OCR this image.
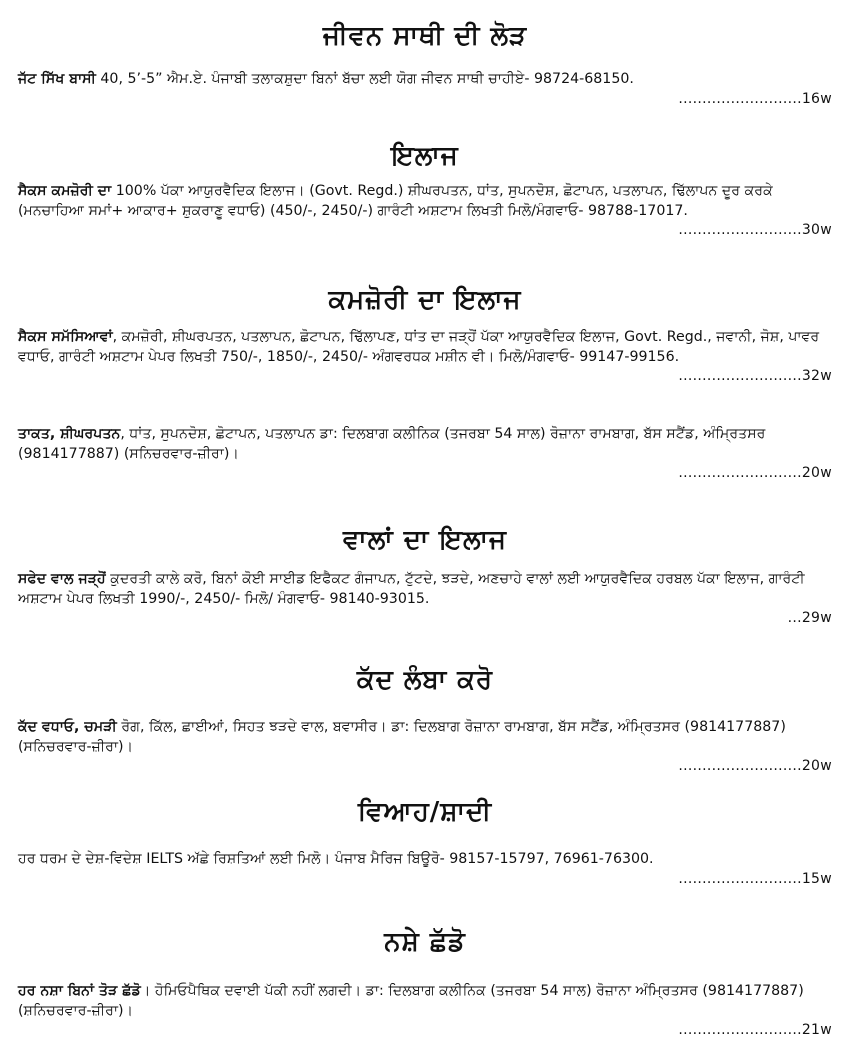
ਜੀਵਨ ਸਾਥੀ ਦੀ ਲੋੜ
ਜੱਟ ਸਿੱਖ ਬਾਸੀ 40, 5’-5” ਐਮ.ਏ. ਪੰਜਾਬੀ ਤਲਾਕਸ਼ੁਦਾ ਬਿਨਾਂ ਬੱਚਾ ਲਈ ਯੋਗ ਜੀਵਨ ਸਾਥੀ ਚਾਹੀਏ- 98724-68150.
..........................16w
ਇਲਾਜ
ਸੈਕਸ ਕਮਜ਼ੋਰੀ ਦਾ 100% ਪੱਕਾ ਆਯੁਰਵੈਦਿਕ ਇਲਾਜ। (Govt. Regd.) ਸ਼ੀਘਰਪਤਨ, ਧਾਂਤ, ਸੁਪਨਦੋਸ਼, ਛੋਟਾਪਨ, ਪਤਲਾਪਨ, ਢਿੱਲਾਪਨ ਦੂਰ ਕਰਕੇ (ਮਨਚਾਹਿਆ ਸਮਾਂ+ ਆਕਾਰ+ ਸ਼ੁਕਰਾਣੂ ਵਧਾਓ) (450/-, 2450/-) ਗਾਰੰਟੀ ਅਸ਼ਟਾਮ ਲਿਖਤੀ ਮਿਲੋ/ਮੰਗਵਾਓ- 98788-17017.
..........................30w
ਕਮਜ਼ੋਰੀ ਦਾ ਇਲਾਜ
ਸੈਕਸ ਸਮੱਸਿਆਵਾਂ, ਕਮਜ਼ੋਰੀ, ਸ਼ੀਘਰਪਤਨ, ਪਤਲਾਪਨ, ਛੋਟਾਪਨ, ਢਿੱਲਾਪਣ, ਧਾਂਤ ਦਾ ਜੜ੍ਹੋਂ ਪੱਕਾ ਆਯੁਰਵੈਦਿਕ ਇਲਾਜ, Govt. Regd., ਜਵਾਨੀ, ਜੋਸ਼, ਪਾਵਰ ਵਧਾਓ, ਗਾਰੰਟੀ ਅਸ਼ਟਾਮ ਪੇਪਰ ਲਿਖਤੀ 750/-, 1850/-, 2450/- ਅੰਗਵਰਧਕ ਮਸ਼ੀਨ ਵੀ। ਮਿਲੋ/ਮੰਗਵਾਓ- 99147-99156.
..........................32w
ਤਾਕਤ, ਸ਼ੀਘਰਪਤਨ, ਧਾਂਤ, ਸੁਪਨਦੋਸ਼, ਛੋਟਾਪਨ, ਪਤਲਾਪਨ ਡਾ: ਦਿਲਬਾਗ ਕਲੀਨਿਕ (ਤਜਰਬਾ 54 ਸਾਲ) ਰੋਜ਼ਾਨਾ ਰਾਮਬਾਗ, ਬੱਸ ਸਟੈਂਡ, ਅੰਮ੍ਰਿਤਸਰ (9814177887) (ਸਨਿਚਰਵਾਰ-ਜ਼ੀਰਾ)।
..........................20w
ਵਾਲਾਂ ਦਾ ਇਲਾਜ
ਸਫੇਦ ਵਾਲ ਜੜ੍ਹੋਂ ਕੁਦਰਤੀ ਕਾਲੇ ਕਰੋ, ਬਿਨਾਂ ਕੋਈ ਸਾਈਡ ਇਫੈਕਟ ਗੰਜਾਪਨ, ਟੁੱਟਦੇ, ਝੜਦੇ, ਅਣਚਾਹੇ ਵਾਲਾਂ ਲਈ ਆਯੁਰਵੈਦਿਕ ਹਰਬਲ ਪੱਕਾ ਇਲਾਜ, ਗਾਰੰਟੀ ਅਸ਼ਟਾਮ ਪੇਪਰ ਲਿਖਤੀ 1990/-, 2450/- ਮਿਲੋ/ ਮੰਗਵਾਓ- 98140-93015.
...29w
ਕੱਦ ਲੰਬਾ ਕਰੋ
ਕੱਦ ਵਧਾਓ, ਚਮੜੀ ਰੋਗ, ਕਿੱਲ, ਛਾਈਆਂ, ਸਿਹਤ ਝੜਦੇ ਵਾਲ, ਬਵਾਸੀਰ। ਡਾ: ਦਿਲਬਾਗ ਰੋਜ਼ਾਨਾ ਰਾਮਬਾਗ, ਬੱਸ ਸਟੈਂਡ, ਅੰਮ੍ਰਿਤਸਰ (9814177887) (ਸਨਿਚਰਵਾਰ-ਜ਼ੀਰਾ)।
..........................20w
ਵਿਆਹ/ਸ਼ਾਦੀ
ਹਰ ਧਰਮ ਦੇ ਦੇਸ਼-ਵਿਦੇਸ਼ IELTS ਅੱਛੇ ਰਿਸ਼ਤਿਆਂ ਲਈ ਮਿਲੋ। ਪੰਜਾਬ ਮੈਰਿਜ ਬਿਊਰੋ- 98157-15797, 76961-76300.
..........................15w
ਨਸ਼ੇ ਛੱਡੋ
ਹਰ ਨਸ਼ਾ ਬਿਨਾਂ ਤੋੜ ਛੱਡੋ। ਹੋਮਿਓਪੈਥਿਕ ਦਵਾਈ ਪੱਕੀ ਨਹੀਂ ਲਗਦੀ। ਡਾ: ਦਿਲਬਾਗ ਕਲੀਨਿਕ (ਤਜਰਬਾ 54 ਸਾਲ) ਰੋਜ਼ਾਨਾ ਅੰਮ੍ਰਿਤਸਰ (9814177887) (ਸ਼ਨਿਚਰਵਾਰ-ਜ਼ੀਰਾ)।
..........................21w
